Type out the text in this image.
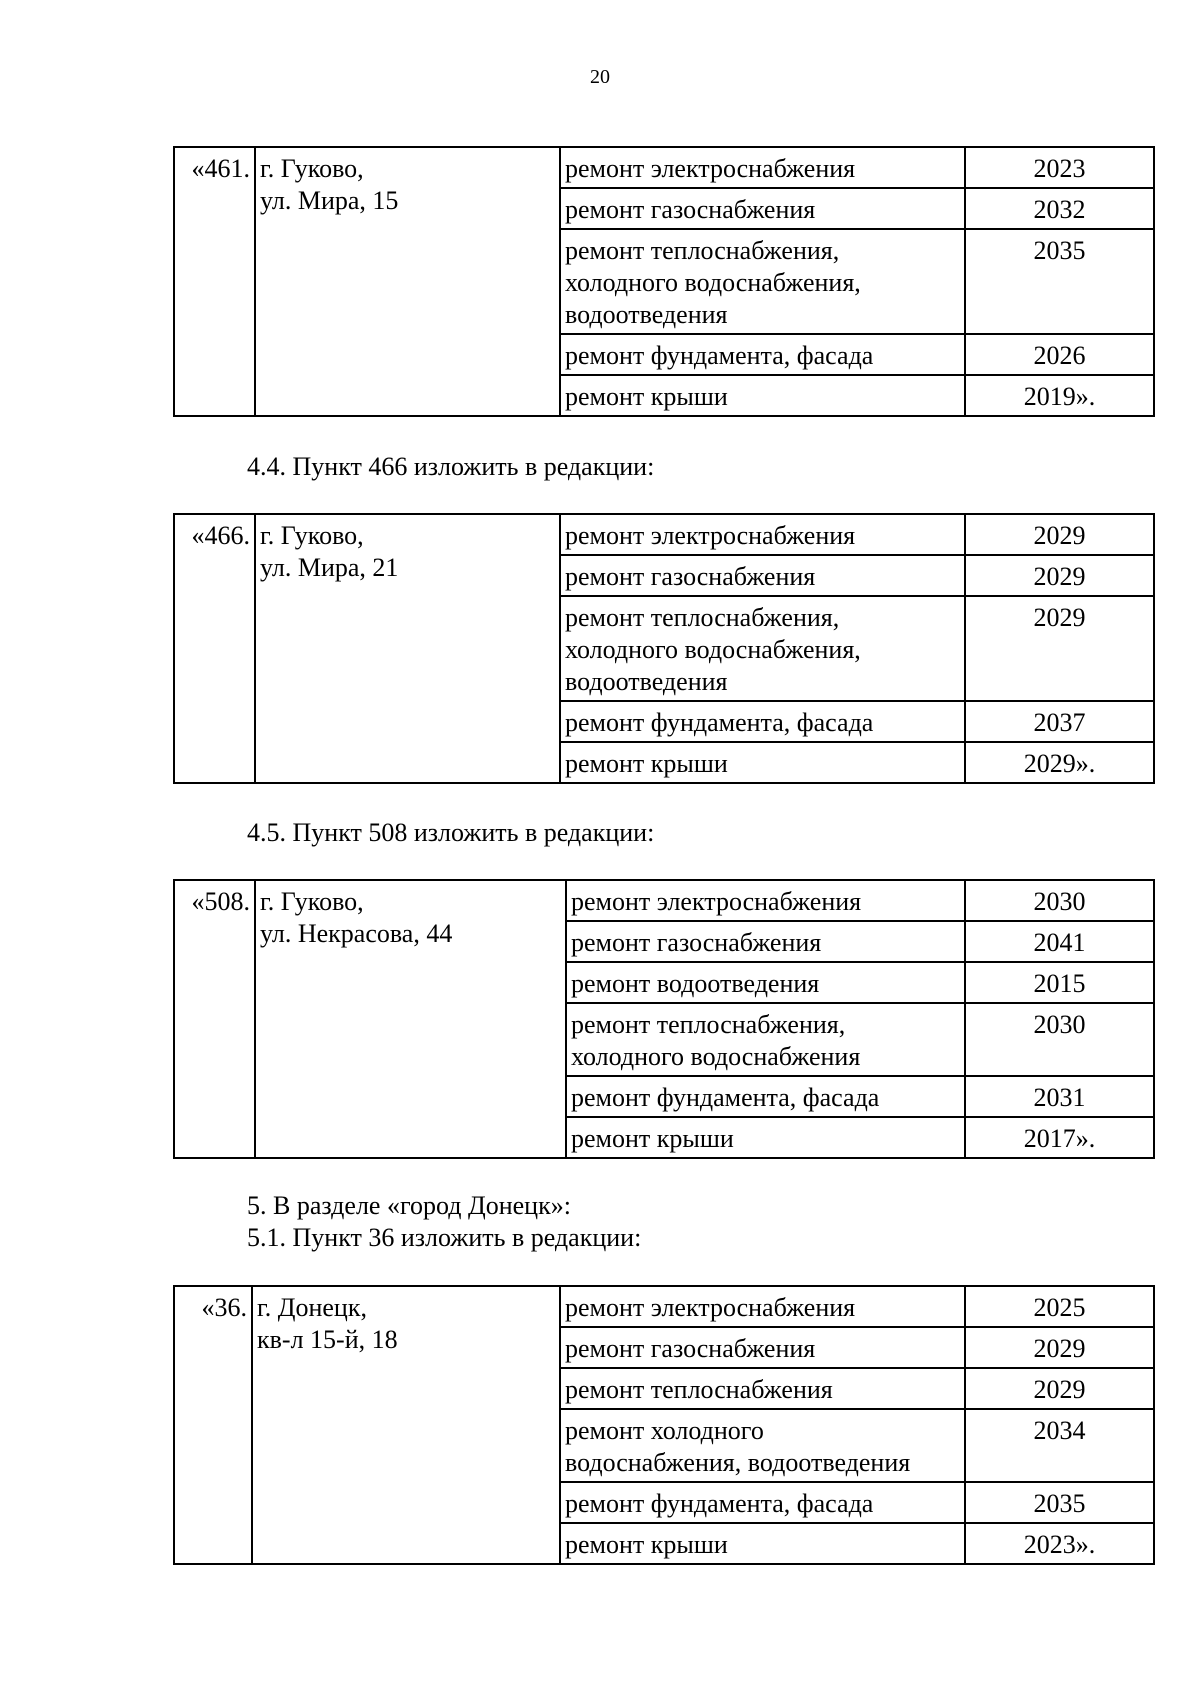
20
«461.	г. Гуково,
ул. Мира, 15	ремонт электроснабжения	2023
		ремонт газоснабжения	2032
		ремонт теплоснабжения,
холодного водоснабжения,
водоотведения	2035
		ремонт фундамента, фасада	2026
		ремонт крыши	2019».
4.4. Пункт 466 изложить в редакции:
«466.	г. Гуково,
ул. Мира, 21	ремонт электроснабжения	2029
		ремонт газоснабжения	2029
		ремонт теплоснабжения,
холодного водоснабжения,
водоотведения	2029
		ремонт фундамента, фасада	2037
		ремонт крыши	2029».
4.5. Пункт 508 изложить в редакции:
«508.	г. Гуково,
ул. Некрасова, 44	ремонт электроснабжения	2030
		ремонт газоснабжения	2041
		ремонт водоотведения	2015
		ремонт теплоснабжения,
холодного водоснабжения	2030
		ремонт фундамента, фасада	2031
		ремонт крыши	2017».
5. В разделе «город Донецк»:
5.1. Пункт 36 изложить в редакции:
«36.	г. Донецк,
кв-л 15-й, 18	ремонт электроснабжения	2025
		ремонт газоснабжения	2029
		ремонт теплоснабжения	2029
		ремонт холодного
водоснабжения, водоотведения	2034
		ремонт фундамента, фасада	2035
		ремонт крыши	2023».
